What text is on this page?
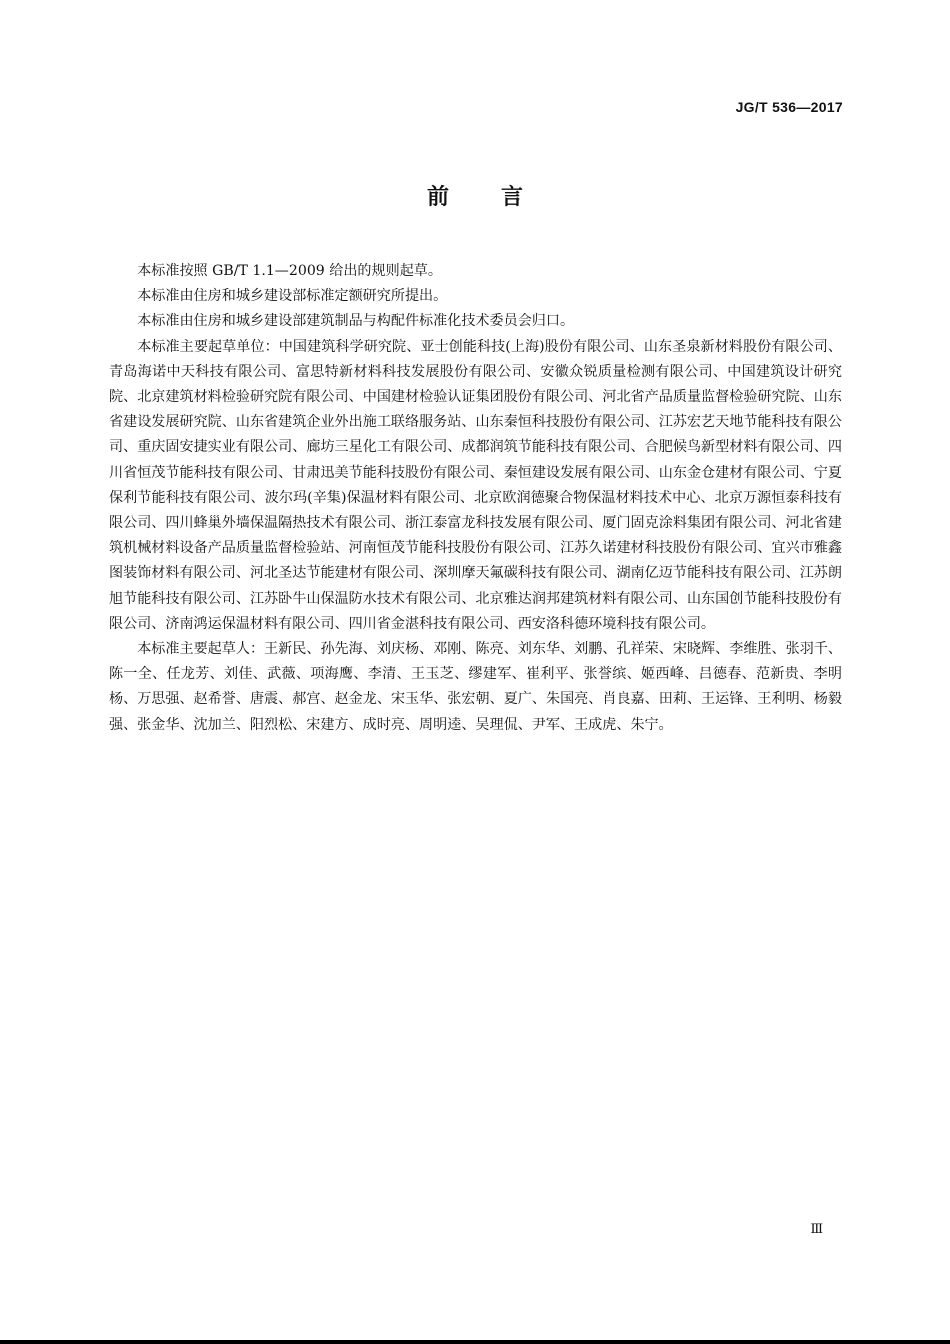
JG/T 536—2017
前言

本标准按照 GB/T 1.1—2009 给出的规则起草。

本标准由住房和城乡建设部标准定额研究所提出。

本标准由住房和城乡建设部建筑制品与构配件标准化技术委员会归口。

本标准主要起草单位：中国建筑科学研究院、亚士创能科技(上海)股份有限公司、山东圣泉新材料股份有限公司、青岛海诺中天科技有限公司、富思特新材料科技发展股份有限公司、安徽众锐质量检测有限公司、中国建筑设计研究院、北京建筑材料检验研究院有限公司、中国建材检验认证集团股份有限公司、河北省产品质量监督检验研究院、山东省建设发展研究院、山东省建筑企业外出施工联络服务站、山东秦恒科技股份有限公司、江苏宏艺天地节能科技有限公司、重庆固安捷实业有限公司、廊坊三星化工有限公司、成都润筑节能科技有限公司、合肥候鸟新型材料有限公司、四川省恒茂节能科技有限公司、甘肃迅美节能科技股份有限公司、秦恒建设发展有限公司、山东金仓建材有限公司、宁夏保利节能科技有限公司、波尔玛(辛集)保温材料有限公司、北京欧润德聚合物保温材料技术中心、北京万源恒泰科技有限公司、四川蜂巢外墙保温隔热技术有限公司、浙江泰富龙科技发展有限公司、厦门固克涂料集团有限公司、河北省建筑机械材料设备产品质量监督检验站、河南恒茂节能科技股份有限公司、江苏久诺建材科技股份有限公司、宜兴市雅鑫图装饰材料有限公司、河北圣达节能建材有限公司、深圳摩天氟碳科技有限公司、湖南亿迈节能科技有限公司、江苏朗旭节能科技有限公司、江苏卧牛山保温防水技术有限公司、北京雅达润邦建筑材料有限公司、山东国创节能科技股份有限公司、济南鸿运保温材料有限公司、四川省金湛科技有限公司、西安洛科德环境科技有限公司。

本标准主要起草人：王新民、孙先海、刘庆杨、邓刚、陈亮、刘东华、刘鹏、孔祥荣、宋晓辉、李维胜、张羽千、陈一全、任龙芳、刘佳、武薇、项海鹰、李清、王玉芝、缪建军、崔利平、张誉缤、姬西峰、吕德春、范新贵、李明杨、万思强、赵希誉、唐震、郝宫、赵金龙、宋玉华、张宏朝、夏广、朱国亮、肖良嘉、田莉、王运锋、王利明、杨毅强、张金华、沈加兰、阳烈松、宋建方、成时亮、周明逵、吴理侃、尹军、王成虎、朱宁。

Ⅲ
